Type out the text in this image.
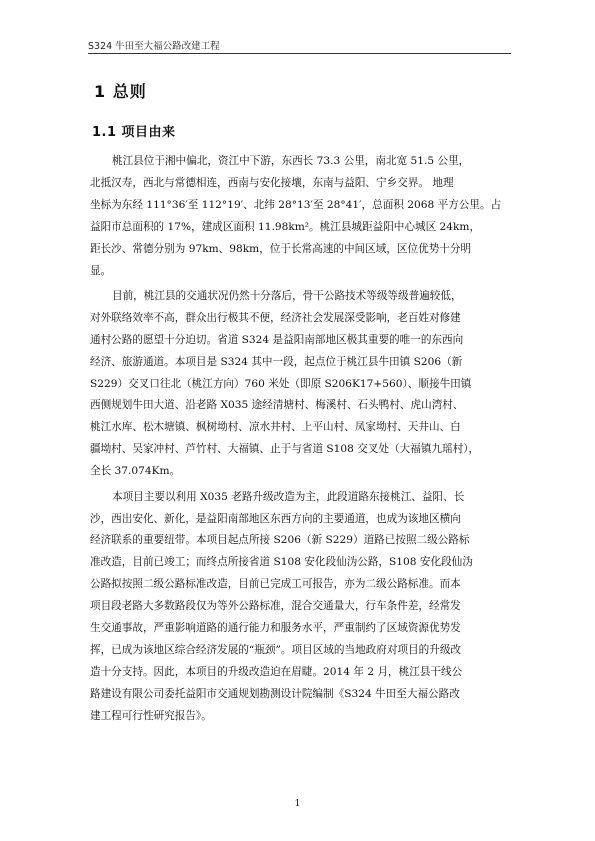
S324 牛田至大福公路改建工程
1 总则
1.1 项目由来
桃江县位于湘中偏北，资江中下游，东西长 73.3 公里，南北宽 51.5 公里，
北抵汉寿，西北与常德相连，西南与安化接壤，东南与益阳、宁乡交界。 地理
坐标为东经 111°36′至 112°19′、北纬 28°13′至 28°41′，总面积 2068 平方公里。占
益阳市总面积的 17%，建成区面积 11.98km²。桃江县城距益阳中心城区 24km，
距长沙、常德分别为 97km、98km，位于长常高速的中间区域，区位优势十分明
显。
目前，桃江县的交通状况仍然十分落后，骨干公路技术等级等级普遍较低，
对外联络效率不高，群众出行极其不便，经济社会发展深受影响，老百姓对修建
通村公路的愿望十分迫切。省道 S324 是益阳南部地区极其重要的唯一的东西向
经济、旅游通道。本项目是 S324 其中一段，起点位于桃江县牛田镇 S206（新
S229）交叉口往北（桃江方向）760 米处（即原 S206K17+560）、顺接牛田镇
西侧规划牛田大道、沿老路 X035 途经清塘村、梅溪村、石头鸭村、虎山湾村、
桃江水库、松木塘镇、枫树坳村、凉水井村、上平山村、凤家坳村、天井山、白
疆坳村、吴家冲村、芦竹村、大福镇、止于与省道 S108 交叉处（大福镇九瑶村），
全长 37.074Km。
本项目主要以利用 X035 老路升级改造为主，此段道路东接桃江、益阳、长
沙，西出安化、新化，是益阳南部地区东西方向的主要通道，也成为该地区横向
经济联系的重要纽带。本项目起点所接 S206（新 S229）道路已按照二级公路标
准改造，目前已竣工；而终点所接省道 S108 安化段仙沩公路，S108 安化段仙沩
公路拟按照二级公路标准改造，目前已完成工可报告，亦为二级公路标准。而本
项目段老路大多数路段仅为等外公路标准，混合交通量大，行车条件差，经常发
生交通事故，严重影响道路的通行能力和服务水平，严重制约了区域资源优势发
挥，已成为该地区综合经济发展的“瓶颈”。项目区域的当地政府对项目的升级改
造十分支持。因此，本项目的升级改造迫在眉睫。2014 年 2 月，桃江县干线公
路建设有限公司委托益阳市交通规划勘测设计院编制《S324 牛田至大福公路改
建工程可行性研究报告》。
1
